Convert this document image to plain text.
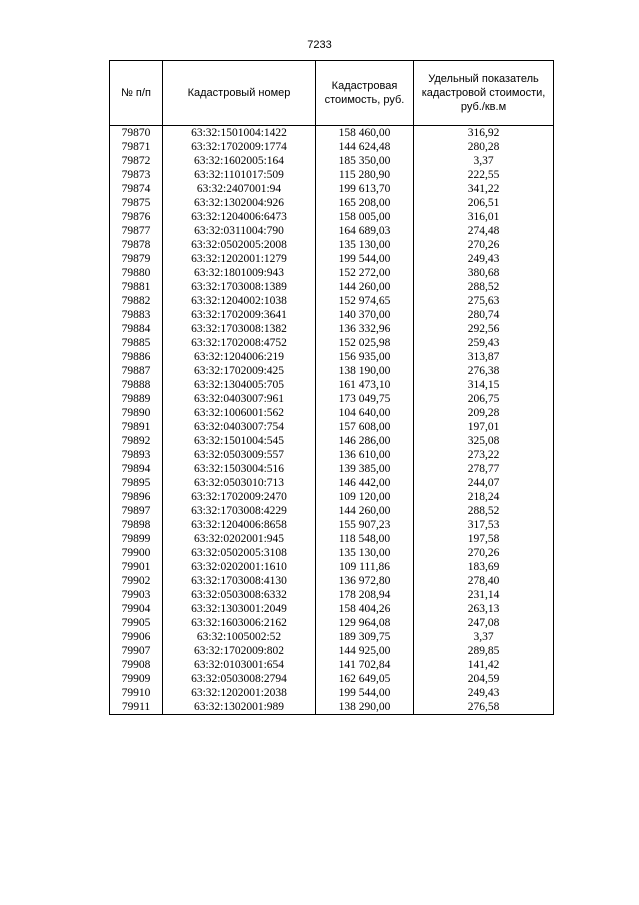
7233
№ п/п	Кадастровый номер	Кадастровая стоимость, руб.	Удельный показатель кадастровой стоимости, руб./кв.м
79870	63:32:1501004:1422	158 460,00	316,92
79871	63:32:1702009:1774	144 624,48	280,28
79872	63:32:1602005:164	185 350,00	3,37
79873	63:32:1101017:509	115 280,90	222,55
79874	63:32:2407001:94	199 613,70	341,22
79875	63:32:1302004:926	165 208,00	206,51
79876	63:32:1204006:6473	158 005,00	316,01
79877	63:32:0311004:790	164 689,03	274,48
79878	63:32:0502005:2008	135 130,00	270,26
79879	63:32:1202001:1279	199 544,00	249,43
79880	63:32:1801009:943	152 272,00	380,68
79881	63:32:1703008:1389	144 260,00	288,52
79882	63:32:1204002:1038	152 974,65	275,63
79883	63:32:1702009:3641	140 370,00	280,74
79884	63:32:1703008:1382	136 332,96	292,56
79885	63:32:1702008:4752	152 025,98	259,43
79886	63:32:1204006:219	156 935,00	313,87
79887	63:32:1702009:425	138 190,00	276,38
79888	63:32:1304005:705	161 473,10	314,15
79889	63:32:0403007:961	173 049,75	206,75
79890	63:32:1006001:562	104 640,00	209,28
79891	63:32:0403007:754	157 608,00	197,01
79892	63:32:1501004:545	146 286,00	325,08
79893	63:32:0503009:557	136 610,00	273,22
79894	63:32:1503004:516	139 385,00	278,77
79895	63:32:0503010:713	146 442,00	244,07
79896	63:32:1702009:2470	109 120,00	218,24
79897	63:32:1703008:4229	144 260,00	288,52
79898	63:32:1204006:8658	155 907,23	317,53
79899	63:32:0202001:945	118 548,00	197,58
79900	63:32:0502005:3108	135 130,00	270,26
79901	63:32:0202001:1610	109 111,86	183,69
79902	63:32:1703008:4130	136 972,80	278,40
79903	63:32:0503008:6332	178 208,94	231,14
79904	63:32:1303001:2049	158 404,26	263,13
79905	63:32:1603006:2162	129 964,08	247,08
79906	63:32:1005002:52	189 309,75	3,37
79907	63:32:1702009:802	144 925,00	289,85
79908	63:32:0103001:654	141 702,84	141,42
79909	63:32:0503008:2794	162 649,05	204,59
79910	63:32:1202001:2038	199 544,00	249,43
79911	63:32:1302001:989	138 290,00	276,58
